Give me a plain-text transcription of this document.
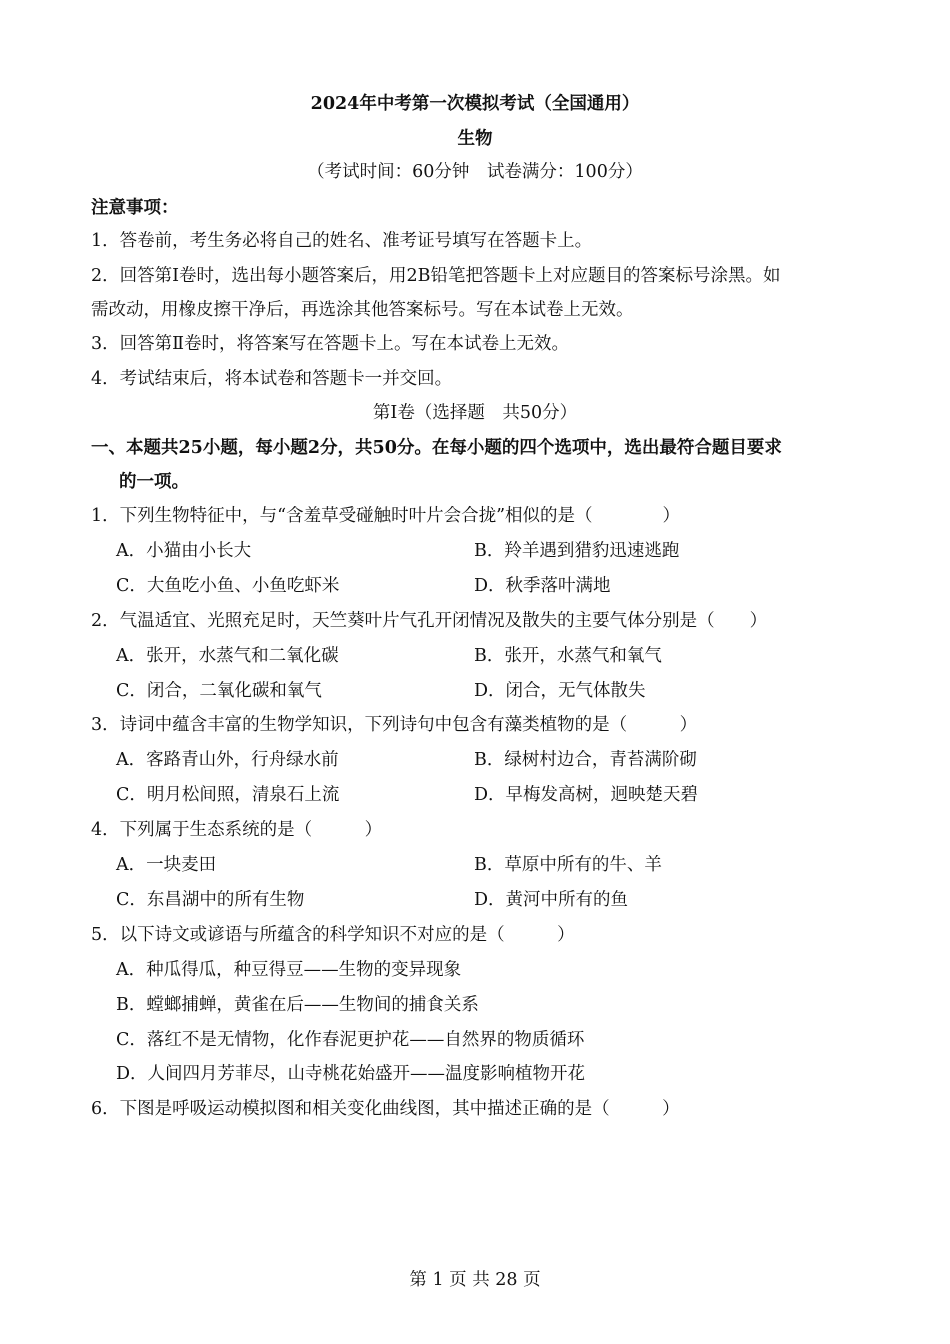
2024年中考第一次模拟考试（全国通用）
生物
（考试时间：60分钟　试卷满分：100分）
注意事项：
1．答卷前，考生务必将自己的姓名、准考证号填写在答题卡上。
2．回答第Ⅰ卷时，选出每小题答案后，用2B铅笔把答题卡上对应题目的答案标号涂黑。如
需改动，用橡皮擦干净后，再选涂其他答案标号。写在本试卷上无效。
3．回答第Ⅱ卷时，将答案写在答题卡上。写在本试卷上无效。
4．考试结束后，将本试卷和答题卡一并交回。
第Ⅰ卷（选择题　共50分）
一、本题共25小题，每小题2分，共50分。在每小题的四个选项中，选出最符合题目要求
的一项。
1．下列生物特征中，与“含羞草受碰触时叶片会合拢”相似的是（　　　　）
A．小猫由小长大	B．羚羊遇到猎豹迅速逃跑
C．大鱼吃小鱼、小鱼吃虾米	D．秋季落叶满地
2．气温适宜、光照充足时，天竺葵叶片气孔开闭情况及散失的主要气体分别是（　　）
A．张开，水蒸气和二氧化碳	B．张开，水蒸气和氧气
C．闭合，二氧化碳和氧气	D．闭合，无气体散失
3．诗词中蕴含丰富的生物学知识，下列诗句中包含有藻类植物的是（　　　）
A．客路青山外，行舟绿水前	B．绿树村边合，青苔满阶砌
C．明月松间照，清泉石上流	D．早梅发高树，迥映楚天碧
4．下列属于生态系统的是（　　　）
A．一块麦田	B．草原中所有的牛、羊
C．东昌湖中的所有生物	D．黄河中所有的鱼
5．以下诗文或谚语与所蕴含的科学知识不对应的是（　　　）
A．种瓜得瓜，种豆得豆——生物的变异现象
B．螳螂捕蝉，黄雀在后——生物间的捕食关系
C．落红不是无情物，化作春泥更护花——自然界的物质循环
D．人间四月芳菲尽，山寺桃花始盛开——温度影响植物开花
6．下图是呼吸运动模拟图和相关变化曲线图，其中描述正确的是（　　　）
第 1 页 共 28 页
